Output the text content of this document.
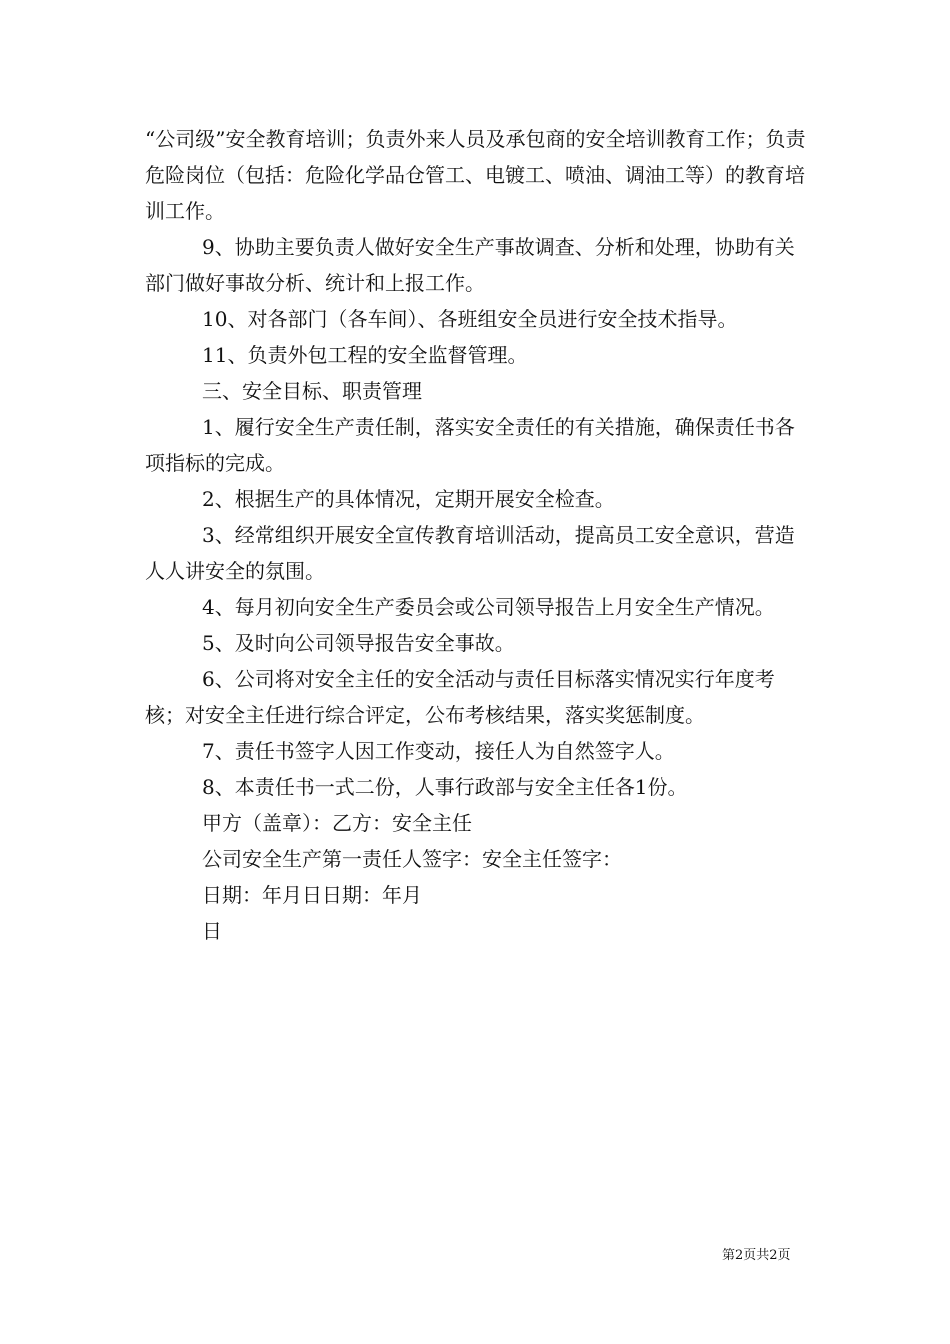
“公司级”安全教育培训；负责外来人员及承包商的安全培训教育工作；负责危险岗位（包括：危险化学品仓管工、电镀工、喷油、调油工等）的教育培训工作。

9、协助主要负责人做好安全生产事故调查、分析和处理，协助有关部门做好事故分析、统计和上报工作。

10、对各部门（各车间）、各班组安全员进行安全技术指导。

11、负责外包工程的安全监督管理。

三、安全目标、职责管理

1、履行安全生产责任制，落实安全责任的有关措施，确保责任书各项指标的完成。

2、根据生产的具体情况，定期开展安全检查。

3、经常组织开展安全宣传教育培训活动，提高员工安全意识，营造人人讲安全的氛围。

4、每月初向安全生产委员会或公司领导报告上月安全生产情况。

5、及时向公司领导报告安全事故。

6、公司将对安全主任的安全活动与责任目标落实情况实行年度考核；对安全主任进行综合评定，公布考核结果，落实奖惩制度。

7、责任书签字人因工作变动，接任人为自然签字人。

8、本责任书一式二份，人事行政部与安全主任各1份。

甲方（盖章）：乙方：安全主任

公司安全生产第一责任人签字：安全主任签字：

日期：年月日日期：年月

日

第2页共2页
